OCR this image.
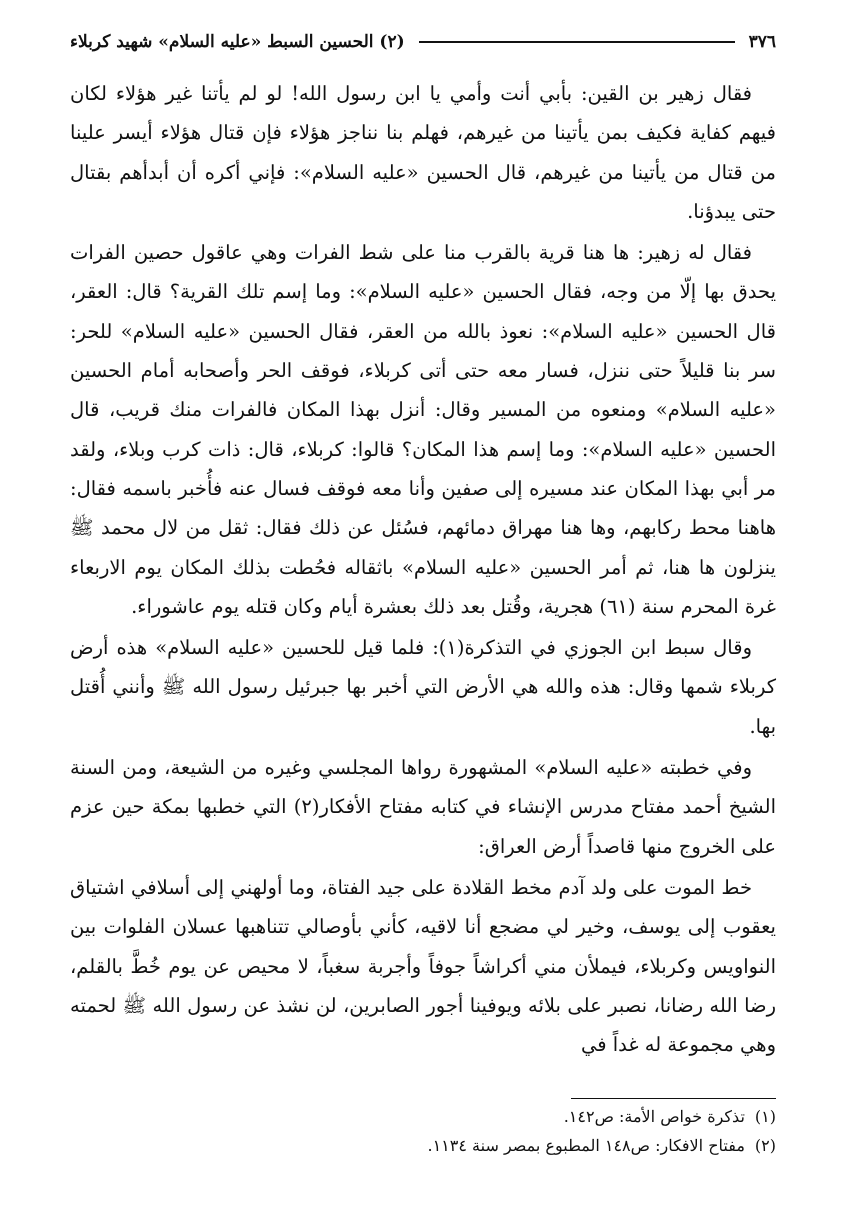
٣٧٦
(٢) الحسين السبط «عليه السلام» شهيد كربلاء

فقال زهير بن القين: بأبي أنت وأمي يا ابن رسول الله! لو لم يأتنا غير هؤلاء لكان فيهم كفاية فكيف بمن يأتينا من غيرهم، فهلم بنا نناجز هؤلاء فإن قتال هؤلاء أيسر علينا من قتال من يأتينا من غيرهم، قال الحسين «عليه السلام»: فإني أكره أن أبدأهم بقتال حتى يبدؤنا.

فقال له زهير: ها هنا قرية بالقرب منا على شط الفرات وهي عاقول حصين الفرات يحدق بها إلّا من وجه، فقال الحسين «عليه السلام»: وما إسم تلك القرية؟ قال: العقر، قال الحسين «عليه السلام»: نعوذ بالله من العقر، فقال الحسين «عليه السلام» للحر: سر بنا قليلاً حتى ننزل، فسار معه حتى أتى كربلاء، فوقف الحر وأصحابه أمام الحسين «عليه السلام» ومنعوه من المسير وقال: أنزل بهذا المكان فالفرات منك قريب، قال الحسين «عليه السلام»: وما إسم هذا المكان؟ قالوا: كربلاء، قال: ذات كرب وبلاء، ولقد مر أبي بهذا المكان عند مسيره إلى صفين وأنا معه فوقف فسال عنه فأُخبر باسمه فقال: هاهنا محط ركابهم، وها هنا مهراق دمائهم، فسُئل عن ذلك فقال: ثقل من لال محمد ﷺ ينزلون ها هنا، ثم أمر الحسين «عليه السلام» باثقاله فحُطت بذلك المكان يوم الاربعاء غرة المحرم سنة (٦١) هجرية، وقُتل بعد ذلك بعشرة أيام وكان قتله يوم عاشوراء.

وقال سبط ابن الجوزي في التذكرة(١): فلما قيل للحسين «عليه السلام» هذه أرض كربلاء شمها وقال: هذه والله هي الأرض التي أخبر بها جبرئيل رسول الله ﷺ وأنني أُقتل بها.

وفي خطبته «عليه السلام» المشهورة رواها المجلسي وغيره من الشيعة، ومن السنة الشيخ أحمد مفتاح مدرس الإنشاء في كتابه مفتاح الأفكار(٢) التي خطبها بمكة حين عزم على الخروج منها قاصداً أرض العراق:

خط الموت على ولد آدم مخط القلادة على جيد الفتاة، وما أولهني إلى أسلافي اشتياق يعقوب إلى يوسف، وخير لي مضجع أنا لاقيه، كأني بأوصالي تتناهبها عسلان الفلوات بين النواويس وكربلاء، فيملأن مني أكراشاً جوفاً وأجربة سغباً، لا محيص عن يوم خُطَّ بالقلم، رضا الله رضانا، نصبر على بلائه ويوفينا أجور الصابرين، لن نشذ عن رسول الله ﷺ لحمته وهي مجموعة له غداً في

(١)
تذكرة خواص الأمة: ص١٤٢.
(٢)
مفتاح الافكار: ص١٤٨ المطبوع بمصر سنة ١١٣٤.
